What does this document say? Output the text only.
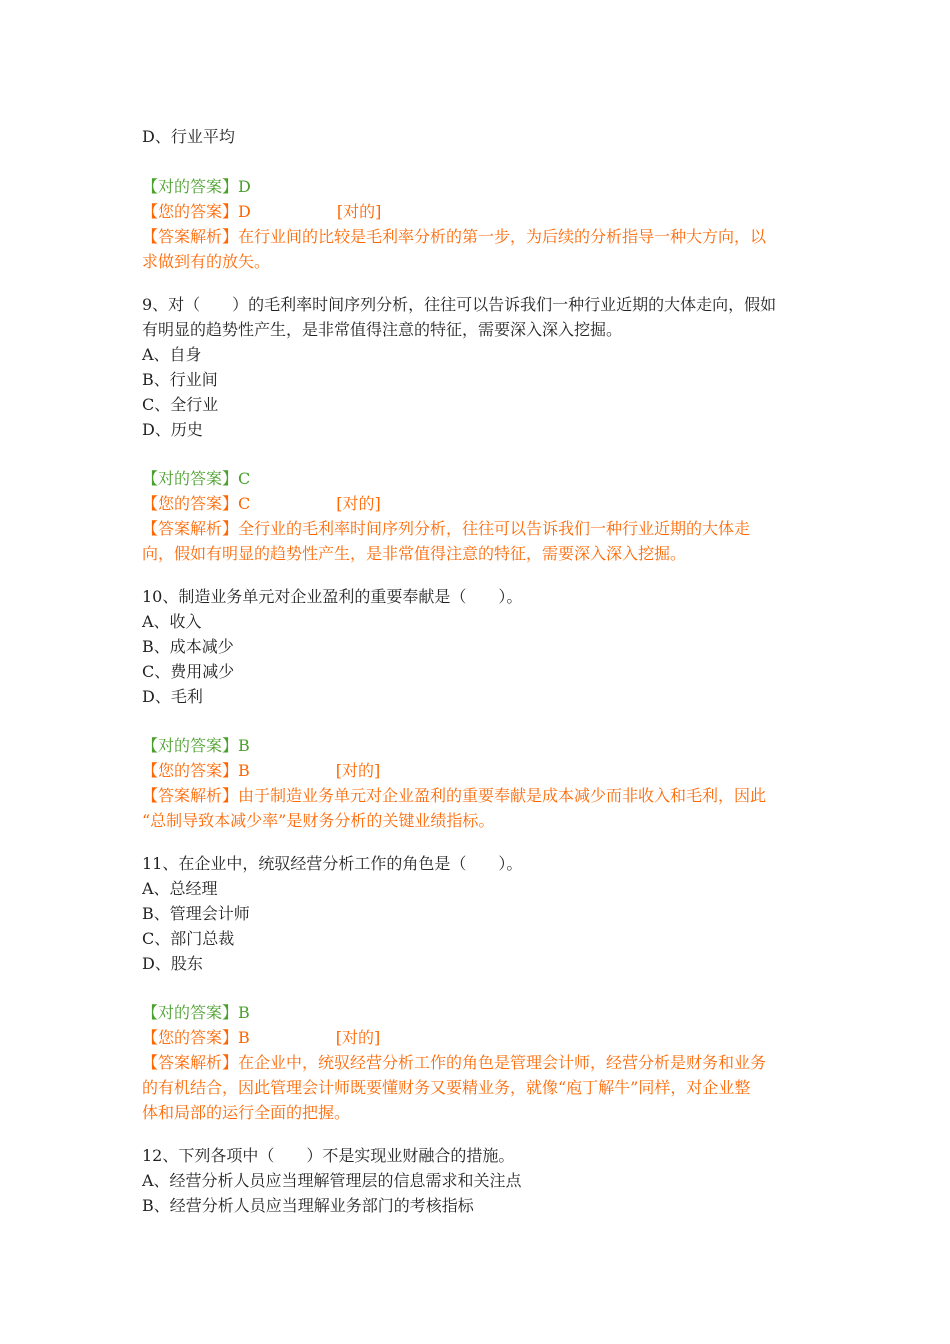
D、行业平均
【对的答案】D
【您的答案】D	[对的]
【答案解析】在行业间的比较是毛利率分析的第一步，为后续的分析指导一种大方向，以
求做到有的放矢。
9、对（　　）的毛利率时间序列分析，往往可以告诉我们一种行业近期的大体走向，假如
有明显的趋势性产生，是非常值得注意的特征，需要深入深入挖掘。
A、自身
B、行业间
C、全行业
D、历史
【对的答案】C
【您的答案】C	[对的]
【答案解析】全行业的毛利率时间序列分析，往往可以告诉我们一种行业近期的大体走
向，假如有明显的趋势性产生，是非常值得注意的特征，需要深入深入挖掘。
10、制造业务单元对企业盈利的重要奉献是（　　）。
A、收入
B、成本减少
C、费用减少
D、毛利
【对的答案】B
【您的答案】B	[对的]
【答案解析】由于制造业务单元对企业盈利的重要奉献是成本减少而非收入和毛利，因此
“总制导致本减少率”是财务分析的关键业绩指标。
11、在企业中，统驭经营分析工作的角色是（　　）。
A、总经理
B、管理会计师
C、部门总裁
D、股东
【对的答案】B
【您的答案】B	[对的]
【答案解析】在企业中，统驭经营分析工作的角色是管理会计师，经营分析是财务和业务
的有机结合，因此管理会计师既要懂财务又要精业务，就像“庖丁解牛”同样，对企业整
体和局部的运行全面的把握。
12、下列各项中（　　）不是实现业财融合的措施。
A、经营分析人员应当理解管理层的信息需求和关注点
B、经营分析人员应当理解业务部门的考核指标
